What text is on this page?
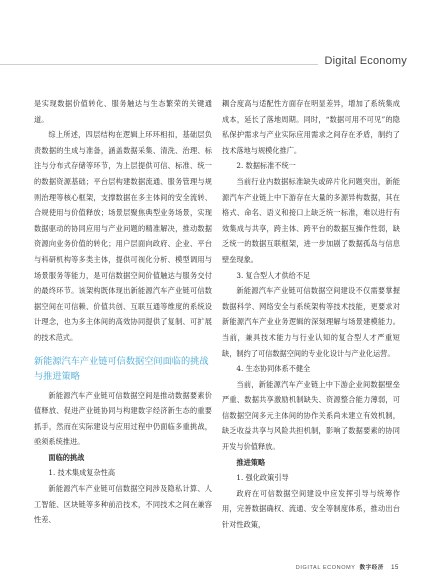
Digital Economy

是实现数据价值转化、服务触达与生态繁荣的关键通道。

综上所述，四层结构在逻辑上环环相扣，基础层负责数据的生成与准备，涵盖数据采集、清洗、治理、标注与分布式存储等环节，为上层提供可信、标准、统一的数据资源基础；平台层构建数据流通、服务管理与规则治理等核心框架，支撑数据在多主体间的安全流转、合规使用与价值释放；场景层聚焦典型业务场景，实现数据驱动的协同应用与产业问题的精准解决，推动数据资源向业务价值的转化；用户层面向政府、企业、平台与科研机构等多类主体，提供可视化分析、模型调用与场景服务等能力，是可信数据空间价值触达与服务交付的最终环节。该架构既体现出新能源汽车产业链可信数据空间在可信赖、价值共创、互联互通等维度的系统设计理念，也为多主体间的高效协同提供了复制、可扩展的技术范式。

新能源汽车产业链可信数据空间面临的挑战与推进策略

新能源汽车产业链可信数据空间是推动数据要素价值释放、促进产业链协同与构建数字经济新生态的重要抓手，然而在实际建设与应用过程中仍面临多重挑战，亟须系统推进。

面临的挑战

1. 技术集成复杂性高

新能源汽车产业链可信数据空间涉及隐私计算、人工智能、区块链等多种前沿技术，不同技术之间在兼容性差、

耦合度高与适配性方面存在明显差异，增加了系统集成成本，延长了落地周期。同时，“数据可用不可见”的隐私保护需求与产业实际应用需求之间存在矛盾，制约了技术落地与规模化推广。

2. 数据标准不统一

当前行业内数据标准缺失或碎片化问题突出，新能源汽车产业链上中下游存在大量的多源异构数据，其在格式、命名、语义和接口上缺乏统一标准，难以进行有效集成与共享，跨主体、跨平台的数据互操作性弱，缺乏统一的数据互联框架，进一步加剧了数据孤岛与信息壁垒现象。

3. 复合型人才供给不足

新能源汽车产业链可信数据空间建设不仅需要掌握数据科学、网络安全与系统架构等技术技能，更要求对新能源汽车产业业务逻辑的深刻理解与场景建模能力。当前，兼具技术能力与行业认知的复合型人才严重短缺，制约了可信数据空间的专业化设计与产业化运营。

4. 生态协同体系不健全

当前，新能源汽车产业链上中下游企业间数据壁垒严重、数据共享激励机制缺失、资源整合能力薄弱，可信数据空间多元主体间的协作关系尚未建立有效机制，缺乏收益共享与风险共担机制，影响了数据要素的协同开发与价值释放。

推进策略

1. 强化政策引导

政府在可信数据空间建设中应发挥引导与统筹作用，完善数据确权、流通、安全等制度体系，推动出台针对性政策，

DIGITAL ECONOMY 数字经济 15
